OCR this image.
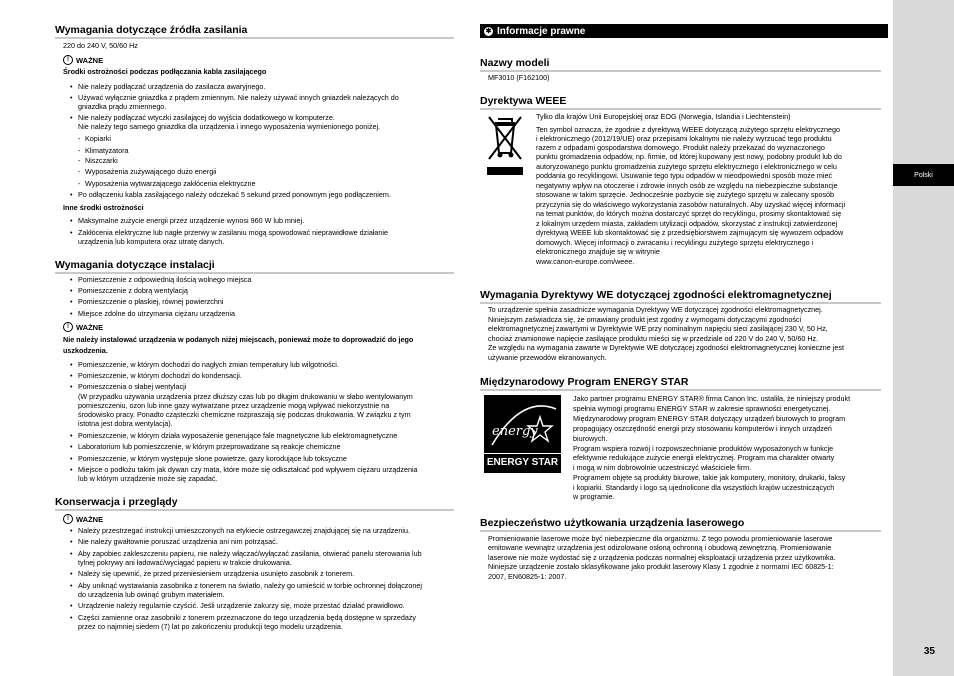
Polski
35
Wymagania dotyczące źródła zasilania
220 do 240 V, 50/60 Hz
! WAŻNE
Środki ostrożności podczas podłączania kabla zasilającego
• Nie należy podłączać urządzenia do zasilacza awaryjnego.
• Używać wyłącznie gniazdka z prądem zmiennym. Nie należy używać innych gniazdek należących do
gniazdka prądu zmiennego.
• Nie należy podłączać wtyczki zasilającej do wyjścia dodatkowego w komputerze.
Nie należy tego samego gniazdka dla urządzenia i innego wyposażenia wymienionego poniżej.
- Kopiarki
- Klimatyzatora
- Niszczarki
- Wyposażenia zużywającego dużo energii
- Wyposażenia wytwarzającego zakłócenia elektryczne
• Po odłączeniu kabla zasilającego należy odczekać 5 sekund przed ponownym jego podłączeniem.
Inne środki ostrożności
• Maksymalne zużycie energii przez urządzenie wynosi 960 W lub mniej.
• Zakłócenia elektryczne lub nagłe przerwy w zasilaniu mogą spowodować nieprawidłowe działanie
urządzenia lub komputera oraz utratę danych.
Wymagania dotyczące instalacji
• Pomieszczenie z odpowiednią ilością wolnego miejsca
• Pomieszczenie z dobrą wentylacją
• Pomieszczenie o płaskiej, równej powierzchni
• Miejsce zdolne do utrzymania ciężaru urządzenia
! WAŻNE
Nie należy instalować urządzenia w podanych niżej miejscach, ponieważ może to doprowadzić do jego
uszkodzenia.
• Pomieszczenie, w którym dochodzi do nagłych zmian temperatury lub wilgotności.
• Pomieszczenie, w którym dochodzi do kondensacji.
• Pomieszczenia o słabej wentylacji
(W przypadku używania urządzenia przez dłuższy czas lub po długim drukowaniu w słabo wentylowanym
pomieszczeniu, ozon lub inne gazy wytwarzane przez urządzenie mogą wpływać niekorzystnie na
środowisko pracy. Ponadto cząsteczki chemiczne rozpraszają się podczas drukowania. W związku z tym
istotna jest dobra wentylacja).
• Pomieszczenie, w którym działa wyposażenie generujące fale magnetyczne lub elektromagnetyczne
• Laboratorium lub pomieszczenie, w którym przeprowadzane są reakcje chemiczne
• Pomieszczenie, w którym występuje słone powietrze, gazy korodujące lub toksyczne
• Miejsce o podłożu takim jak dywan czy mata, które może się odkształcać pod wpływem ciężaru urządzenia
lub w którym urządzenie może się zapadać.
Konserwacja i przeglądy
! WAŻNE
• Należy przestrzegać instrukcji umieszczonych na etykiecie ostrzegawczej znajdującej się na urządzeniu.
• Nie należy gwałtownie poruszać urządzenia ani nim potrząsać.
• Aby zapobiec zakleszczeniu papieru, nie należy włączać/wyłączać zasilania, otwierać panelu sterowania lub
tylnej pokrywy ani ładować/wyciągać papieru w trakcie drukowania.
• Należy się upewnić, że przed przeniesieniem urządzenia usunięto zasobnik z tonerem.
• Aby uniknąć wystawiania zasobnika z tonerem na światło, należy go umieścić w torbie ochronnej dołączonej
do urządzenia lub owinąć grubym materiałem.
• Urządzenie należy regularnie czyścić. Jeśli urządzenie zakurzy się, może przestać działać prawidłowo.
• Części zamienne oraz zasobniki z tonerem przeznaczone do tego urządzenia będą dostępne w sprzedaży
przez co najmniej siedem (7) lat po zakończeniu produkcji tego modelu urządzenia.
✱ Informacje prawne
Nazwy modeli
MF3010 (F162100)
Dyrektywa WEEE
Tylko dla krajów Unii Europejskiej oraz EOG (Norwegia, Islandia i Liechtenstein)
Ten symbol oznacza, że zgodnie z dyrektywą WEEE dotyczącą zużytego sprzętu elektrycznego
i elektronicznego (2012/19/UE) oraz przepisami lokalnymi nie należy wyrzucać tego produktu
razem z odpadami gospodarstwa domowego. Produkt należy przekazać do wyznaczonego
punktu gromadzenia odpadów, np. firmie, od której kupowany jest nowy, podobny produkt lub do
autoryzowanego punktu gromadzenia zużytego sprzętu elektrycznego i elektronicznego w celu
poddania go recyklingowi. Usuwanie tego typu odpadów w nieodpowiedni sposób może mieć
negatywny wpływ na otoczenie i zdrowie innych osób ze względu na niebezpieczne substancje
stosowane w takim sprzęcie. Jednocześnie pozbycie się zużytego sprzętu w zalecany sposób
przyczynia się do właściwego wykorzystania zasobów naturalnych. Aby uzyskać więcej informacji
na temat punktów, do których można dostarczyć sprzęt do recyklingu, prosimy skontaktować się
z lokalnym urzędem miasta, zakładem utylizacji odpadów, skorzystać z instrukcji zatwierdzonej
dyrektywą WEEE lub skontaktować się z przedsiębiorstwem zajmującym się wywozem odpadów
domowych. Więcej informacji o zwracaniu i recyklingu zużytego sprzętu elektrycznego i
elektronicznego znajduje się w witrynie
www.canon-europe.com/weee.
Wymagania Dyrektywy WE dotyczącej zgodności elektromagnetycznej
To urządzenie spełnia zasadnicze wymagania Dyrektywy WE dotyczącej zgodności elektromagnetycznej.
Niniejszym zaświadcza się, że omawiany produkt jest zgodny z wymogami dotyczącymi zgodności
elektromagnetycznej zawartymi w Dyrektywie WE przy nominalnym napięciu sieci zasilającej 230 V, 50 Hz,
chociaż znamionowe napięcie zasilające produktu mieści się w przedziale od 220 V do 240 V, 50/60 Hz.
Ze względu na wymagania zawarte w Dyrektywie WE dotyczącej zgodności elektromagnetycznej konieczne jest
używanie przewodów ekranowanych.
Międzynarodowy Program ENERGY STAR
energy
ENERGY STAR
Jako partner programu ENERGY STAR® firma Canon Inc. ustaliła, że niniejszy produkt
spełnia wymogi programu ENERGY STAR w zakresie sprawności energetycznej.
Międzynarodowy program ENERGY STAR dotyczący urządzeń biurowych to program
propagujący oszczędność energii przy stosowaniu komputerów i innych urządzeń
biurowych.
Program wspiera rozwój i rozpowszechnianie produktów wyposażonych w funkcje
efektywnie redukujące zużycie energii elektrycznej. Program ma charakter otwarty
i mogą w nim dobrowolnie uczestniczyć właściciele firm.
Programem objęte są produkty biurowe, takie jak komputery, monitory, drukarki, faksy
i kopiarki. Standardy i logo są ujednolicone dla wszystkich krajów uczestniczących
w programie.
Bezpieczeństwo użytkowania urządzenia laserowego
Promieniowanie laserowe może być niebezpieczne dla organizmu. Z tego powodu promieniowanie laserowe
emitowane wewnątrz urządzenia jest odizolowane osłoną ochronną i obudową zewnętrzną. Promieniowanie
laserowe nie może wydostać się z urządzenia podczas normalnej eksploatacji urządzenia przez użytkownika.
Niniejsze urządzenie zostało sklasyfikowane jako produkt laserowy Klasy 1 zgodnie z normami IEC 60825-1:
2007, EN60825-1: 2007.
